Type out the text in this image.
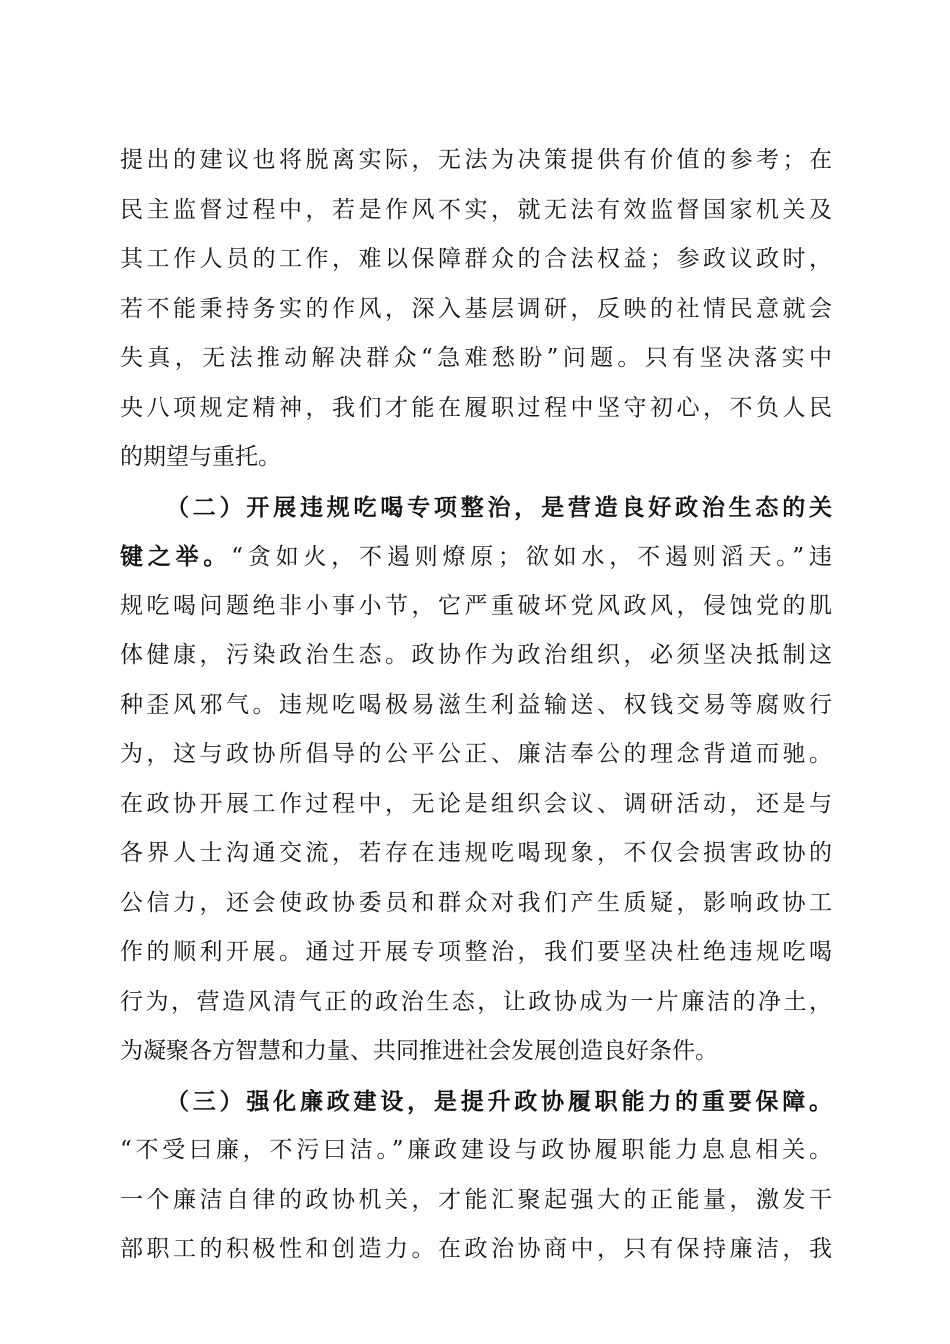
提出的建议也将脱离实际，无法为决策提供有价值的参考；在
民主监督过程中，若是作风不实，就无法有效监督国家机关及
其工作人员的工作，难以保障群众的合法权益；参政议政时，
若不能秉持务实的作风，深入基层调研，反映的社情民意就会
失真，无法推动解决群众“急难愁盼”问题。只有坚决落实中
央八项规定精神，我们才能在履职过程中坚守初心，不负人民
的期望与重托。
（二）开展违规吃喝专项整治，是营造良好政治生态的关
键之举。“贪如火，不遏则燎原；欲如水，不遏则滔天。”违
规吃喝问题绝非小事小节，它严重破坏党风政风，侵蚀党的肌
体健康，污染政治生态。政协作为政治组织，必须坚决抵制这
种歪风邪气。违规吃喝极易滋生利益输送、权钱交易等腐败行
为，这与政协所倡导的公平公正、廉洁奉公的理念背道而驰。
在政协开展工作过程中，无论是组织会议、调研活动，还是与
各界人士沟通交流，若存在违规吃喝现象，不仅会损害政协的
公信力，还会使政协委员和群众对我们产生质疑，影响政协工
作的顺利开展。通过开展专项整治，我们要坚决杜绝违规吃喝
行为，营造风清气正的政治生态，让政协成为一片廉洁的净土，
为凝聚各方智慧和力量、共同推进社会发展创造良好条件。
（三）强化廉政建设，是提升政协履职能力的重要保障。
“不受曰廉，不污曰洁。”廉政建设与政协履职能力息息相关。
一个廉洁自律的政协机关，才能汇聚起强大的正能量，激发干
部职工的积极性和创造力。在政治协商中，只有保持廉洁，我
